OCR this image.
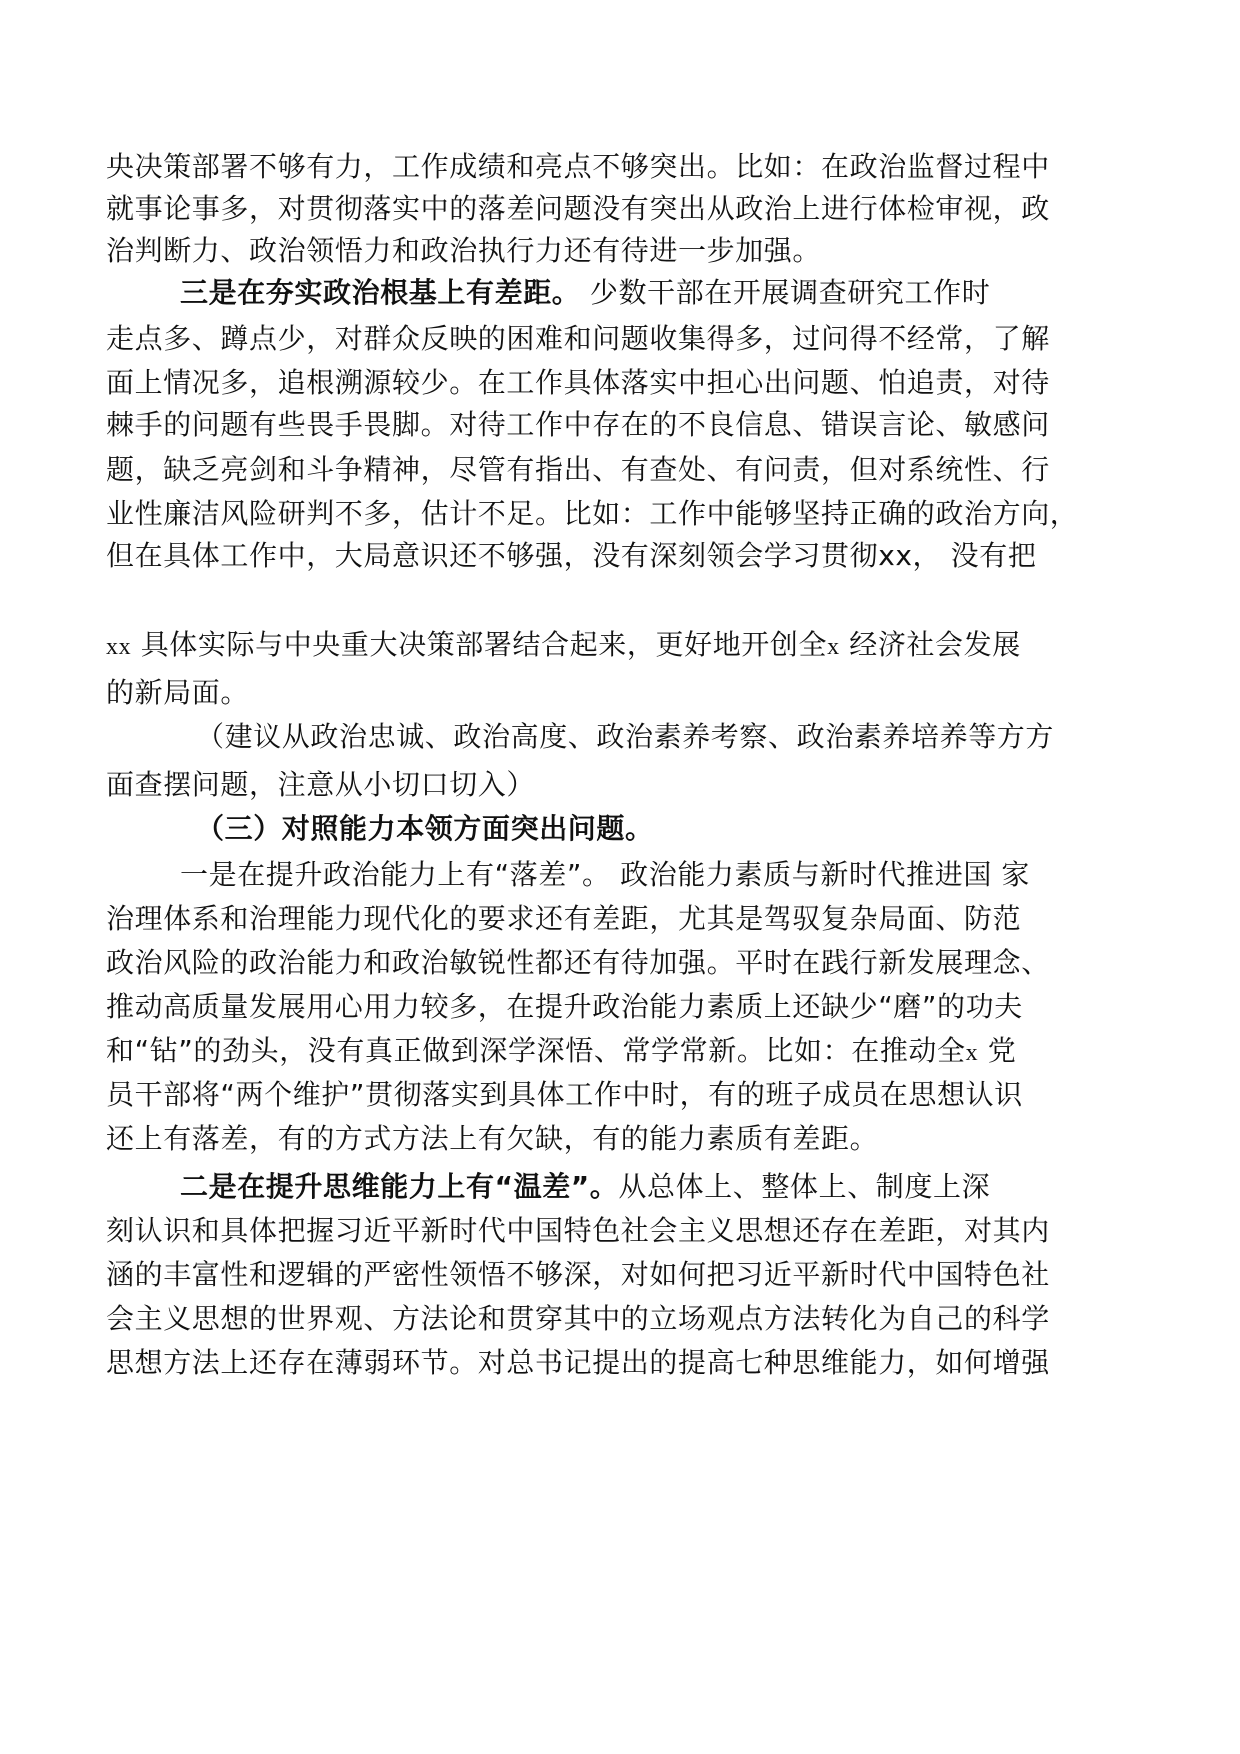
央决策部署不够有力，工作成绩和亮点不够突出。比如：在政治监督过程中
就事论事多，对贯彻落实中的落差问题没有突出从政治上进行体检审视，政
治判断力、政治领悟力和政治执行力还有待进一步加强。
三是在夯实政治根基上有差距。 少数干部在开展调查研究工作时
走点多、蹲点少，对群众反映的困难和问题收集得多，过问得不经常，了解
面上情况多，追根溯源较少。在工作具体落实中担心出问题、怕追责，对待
棘手的问题有些畏手畏脚。对待工作中存在的不良信息、错误言论、敏感问
题，缺乏亮剑和斗争精神，尽管有指出、有查处、有问责，但对系统性、行
业性廉洁风险研判不多，估计不足。比如：工作中能够坚持正确的政治方向，
但在具体工作中，大局意识还不够强，没有深刻领会学习贯彻xx， 没有把
xx 具体实际与中央重大决策部署结合起来，更好地开创全x 经济社会发展
的新局面。
（建议从政治忠诚、政治高度、政治素养考察、政治素养培养等方方
面查摆问题，注意从小切口切入）
（三）对照能力本领方面突出问题。
一是在提升政治能力上有“落差”。 政治能力素质与新时代推进国 家
治理体系和治理能力现代化的要求还有差距，尤其是驾驭复杂局面、防范
政治风险的政治能力和政治敏锐性都还有待加强。平时在践行新发展理念、
推动高质量发展用心用力较多，在提升政治能力素质上还缺少“磨”的功夫
和“钻”的劲头，没有真正做到深学深悟、常学常新。比如：在推动全x 党
员干部将“两个维护”贯彻落实到具体工作中时，有的班子成员在思想认识
还上有落差，有的方式方法上有欠缺，有的能力素质有差距。
二是在提升思维能力上有“温差”。从总体上、整体上、制度上深
刻认识和具体把握习近平新时代中国特色社会主义思想还存在差距，对其内
涵的丰富性和逻辑的严密性领悟不够深，对如何把习近平新时代中国特色社
会主义思想的世界观、方法论和贯穿其中的立场观点方法转化为自己的科学
思想方法上还存在薄弱环节。对总书记提出的提高七种思维能力，如何增强
